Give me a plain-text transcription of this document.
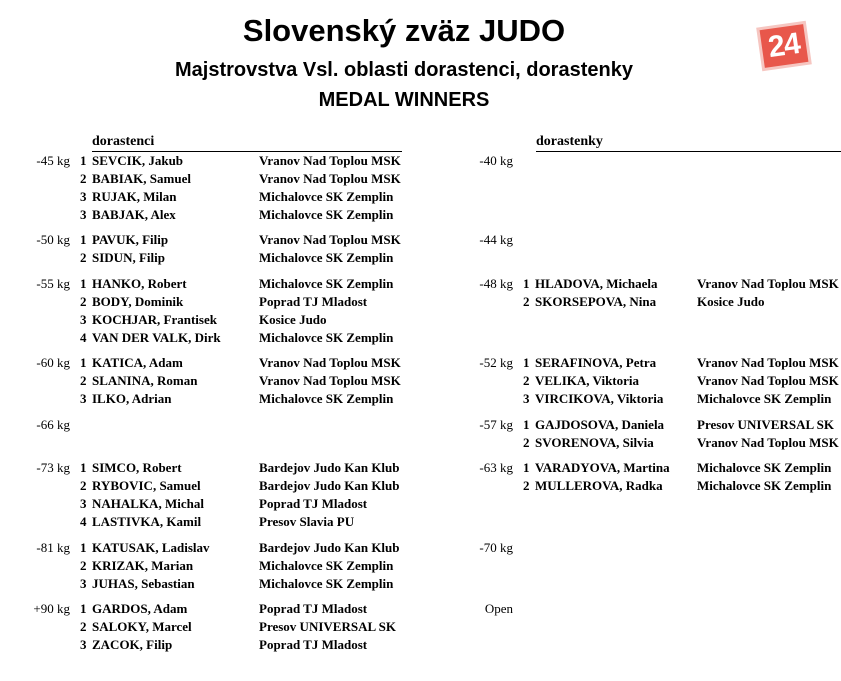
Slovenský zväz JUDO
Majstrovstva Vsl. oblasti dorastenci, dorastenky
MEDAL WINNERS
24
dorastenci	dorastenky
-45 kg 1 SEVCIK, Jakub	Vranov Nad Toplou MSK
2 BABIAK, Samuel	Vranov Nad Toplou MSK
3 RUJAK, Milan	Michalovce SK Zemplin
3 BABJAK, Alex	Michalovce SK Zemplin
-50 kg 1 PAVUK, Filip	Vranov Nad Toplou MSK
2 SIDUN, Filip	Michalovce SK Zemplin
-55 kg 1 HANKO, Robert	Michalovce SK Zemplin
2 BODY, Dominik	Poprad TJ Mladost
3 KOCHJAR, Frantisek	Kosice Judo
4 VAN DER VALK, Dirk	Michalovce SK Zemplin
-60 kg 1 KATICA, Adam	Vranov Nad Toplou MSK
2 SLANINA, Roman	Vranov Nad Toplou MSK
3 ILKO, Adrian	Michalovce SK Zemplin
-66 kg
-73 kg 1 SIMCO, Robert	Bardejov Judo Kan Klub
2 RYBOVIC, Samuel	Bardejov Judo Kan Klub
3 NAHALKA, Michal	Poprad TJ Mladost
4 LASTIVKA, Kamil	Presov Slavia PU
-81 kg 1 KATUSAK, Ladislav	Bardejov Judo Kan Klub
2 KRIZAK, Marian	Michalovce SK Zemplin
3 JUHAS, Sebastian	Michalovce SK Zemplin
+90 kg 1 GARDOS, Adam	Poprad TJ Mladost
2 SALOKY, Marcel	Presov UNIVERSAL SK
3 ZACOK, Filip	Poprad TJ Mladost
-40 kg
-44 kg
-48 kg 1 HLADOVA, Michaela	Vranov Nad Toplou MSK
2 SKORSEPOVA, Nina	Kosice Judo
-52 kg 1 SERAFINOVA, Petra	Vranov Nad Toplou MSK
2 VELIKA, Viktoria	Vranov Nad Toplou MSK
3 VIRCIKOVA, Viktoria	Michalovce SK Zemplin
-57 kg 1 GAJDOSOVA, Daniela	Presov UNIVERSAL SK
2 SVORENOVA, Silvia	Vranov Nad Toplou MSK
-63 kg 1 VARADYOVA, Martina	Michalovce SK Zemplin
2 MULLEROVA, Radka	Michalovce SK Zemplin
-70 kg
Open
